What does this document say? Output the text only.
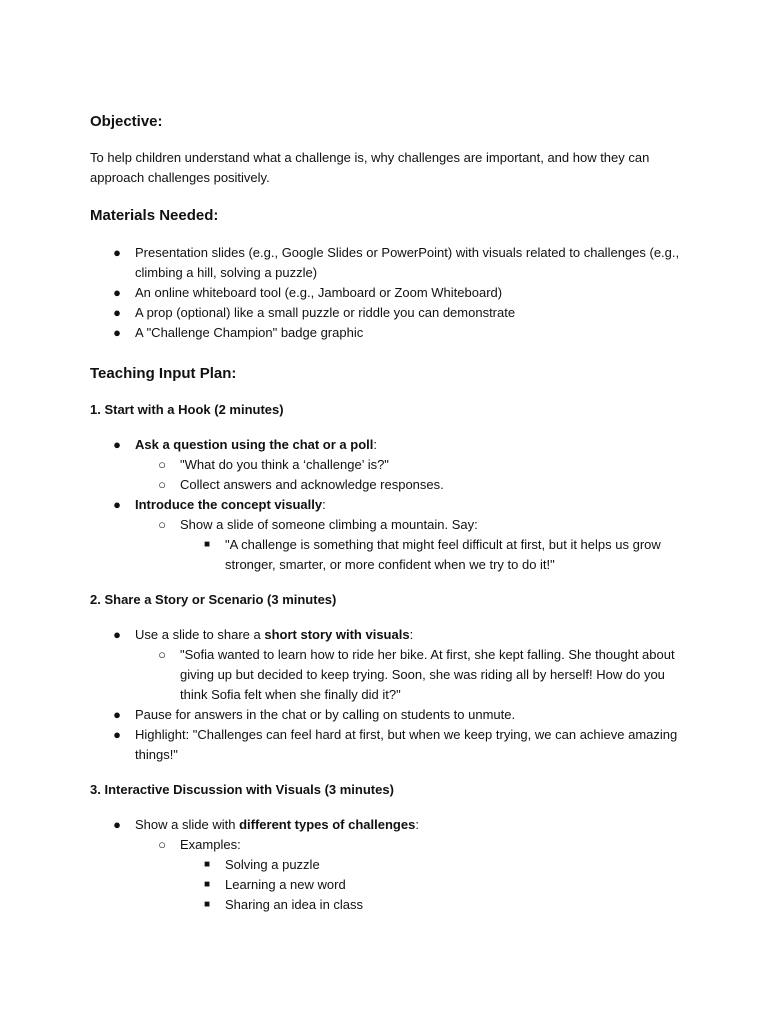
Objective:

To help children understand what a challenge is, why challenges are important, and how they can approach challenges positively.

Materials Needed:
● Presentation slides (e.g., Google Slides or PowerPoint) with visuals related to challenges (e.g., climbing a hill, solving a puzzle)
● An online whiteboard tool (e.g., Jamboard or Zoom Whiteboard)
● A prop (optional) like a small puzzle or riddle you can demonstrate
● A "Challenge Champion" badge graphic
Teaching Input Plan:
1. Start with a Hook (2 minutes)
● Ask a question using the chat or a poll:
○ "What do you think a ‘challenge’ is?"
○ Collect answers and acknowledge responses.
● Introduce the concept visually:
○ Show a slide of someone climbing a mountain. Say:
■ "A challenge is something that might feel difficult at first, but it helps us grow stronger, smarter, or more confident when we try to do it!"
2. Share a Story or Scenario (3 minutes)
● Use a slide to share a short story with visuals:
○ "Sofia wanted to learn how to ride her bike. At first, she kept falling. She thought about giving up but decided to keep trying. Soon, she was riding all by herself! How do you think Sofia felt when she finally did it?"
● Pause for answers in the chat or by calling on students to unmute.
● Highlight: "Challenges can feel hard at first, but when we keep trying, we can achieve amazing things!"
3. Interactive Discussion with Visuals (3 minutes)
● Show a slide with different types of challenges:
○ Examples:
■ Solving a puzzle
■ Learning a new word
■ Sharing an idea in class
